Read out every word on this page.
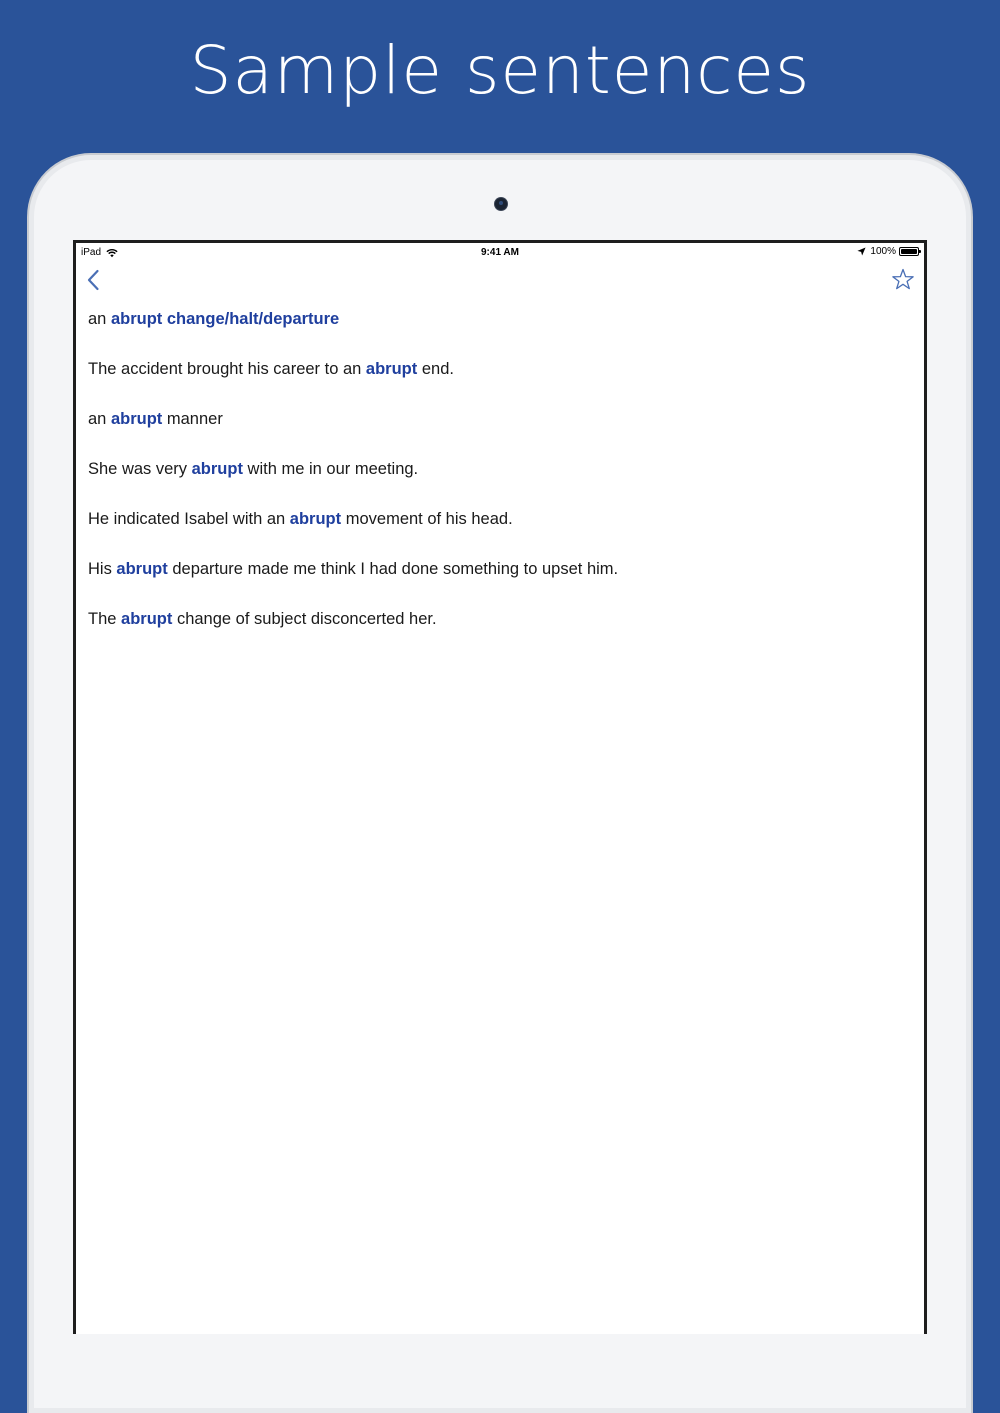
Sample sentences
iPad	9:41 AM	100%
an abrupt change/halt/departure
The accident brought his career to an abrupt end.
an abrupt manner
She was very abrupt with me in our meeting.
He indicated Isabel with an abrupt movement of his head.
His abrupt departure made me think I had done something to upset him.
The abrupt change of subject disconcerted her.
